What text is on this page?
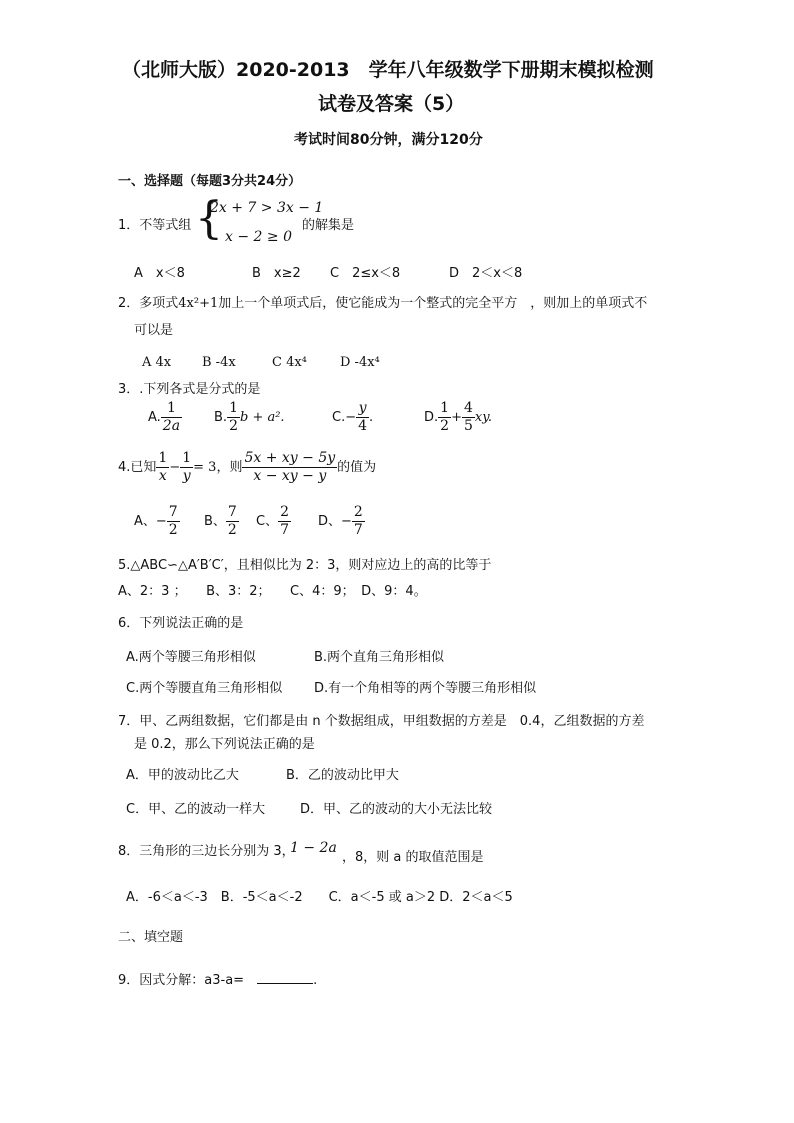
（北师大版）2020-2013　学年八年级数学下册期末模拟检测
试卷及答案（5）
考试时间80分钟，满分120分
一、选择题（每题3分共24分）
1．不等式组 {
2x + 7 > 3x − 1
x − 2 ≥ 0
的解集是
A　x＜8	B　x≥2 C　2≤x＜8	D　2＜x＜8
2．多项式4x²+1加上一个单项式后，使它能成为一个整式的完全平方　，则加上的单项式不
可以是
A 4x B -4x	C 4x⁴	D -4x⁴
3．.下列各式是分式的是
A. $\frac{1}{2a} B$. $\frac{1}{2}$ b + a².	$C.- \frac{y}{4}$ .	D. $\frac{1}{2} + \frac{4}{5}$ xy.
4.已知 $\frac{1}{x} - \frac{1}{y} = 3$，则 $\frac{5x + xy - 5y}{x - xy - y}$ 的值为
A、− $\frac{7}{2}$ B、 $\frac{7}{2}$ C、 $\frac{2}{7}$ D、− $\frac{2}{7}$
5.△ABC∽△A′B′C′，且相似比为 2：3，则对应边上的高的比等于
A、2：3 ；　　B、3：2；　　C、4：9；　D、9：4。
6．下列说法正确的是
A.两个等腰三角形相似	B.两个直角三角形相似
C.两个等腰直角三角形相似 D.有一个角相等的两个等腰三角形相似
7．甲、乙两组数据，它们都是由 n 个数据组成，甲组数据的方差是　0.4，乙组数据的方差
是 0.2，那么下列说法正确的是
A．甲的波动比乙大	B．乙的波动比甲大
C．甲、乙的波动一样大	D．甲、乙的波动的大小无法比较
8．三角形的三边长分别为 3，
1 − 2a
，8，则 a 的取值范围是
A．-6＜a＜-3　B．-5＜a＜-2　　C．a＜-5 或 a＞2 D．2＜a＜5
二、填空题
9．因式分解：a3-a=　	.
